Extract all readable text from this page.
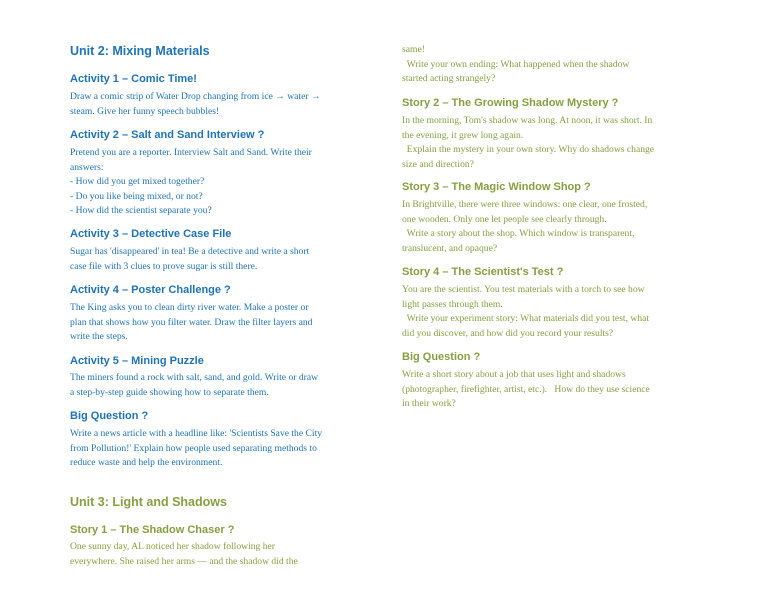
Unit 2: Mixing Materials
Activity 1 – Comic Time!
Draw a comic strip of Water Drop changing from ice → water →
steam. Give her funny speech bubbles!
Activity 2 – Salt and Sand Interview ?
Pretend you are a reporter. Interview Salt and Sand. Write their
answers:
- How did you get mixed together?
- Do you like being mixed, or not?
- How did the scientist separate you?
Activity 3 – Detective Case File
Sugar has 'disappeared' in tea! Be a detective and write a short
case file with 3 clues to prove sugar is still there.
Activity 4 – Poster Challenge ?
The King asks you to clean dirty river water. Make a poster or
plan that shows how you filter water. Draw the filter layers and
write the steps.
Activity 5 – Mining Puzzle
The miners found a rock with salt, sand, and gold. Write or draw
a step-by-step guide showing how to separate them.
Big Question ?
Write a news article with a headline like: 'Scientists Save the City
from Pollution!' Explain how people used separating methods to
reduce waste and help the environment.
Unit 3: Light and Shadows
Story 1 – The Shadow Chaser ?
One sunny day, AL noticed her shadow following her
everywhere. She raised her arms — and the shadow did the
same!
Write your own ending: What happened when the shadow
started acting strangely?
Story 2 – The Growing Shadow Mystery ?
In the morning, Tom's shadow was long. At noon, it was short. In
the evening, it grew long again.
Explain the mystery in your own story. Why do shadows change
size and direction?
Story 3 – The Magic Window Shop ?
In Brightville, there were three windows: one clear, one frosted,
one wooden. Only one let people see clearly through.
Write a story about the shop. Which window is transparent,
translucent, and opaque?
Story 4 – The Scientist's Test ?
You are the scientist. You test materials with a torch to see how
light passes through them.
Write your experiment story: What materials did you test, what
did you discover, and how did you record your results?
Big Question ?
Write a short story about a job that uses light and shadows
(photographer, firefighter, artist, etc.).   How do they use science
in their work?
